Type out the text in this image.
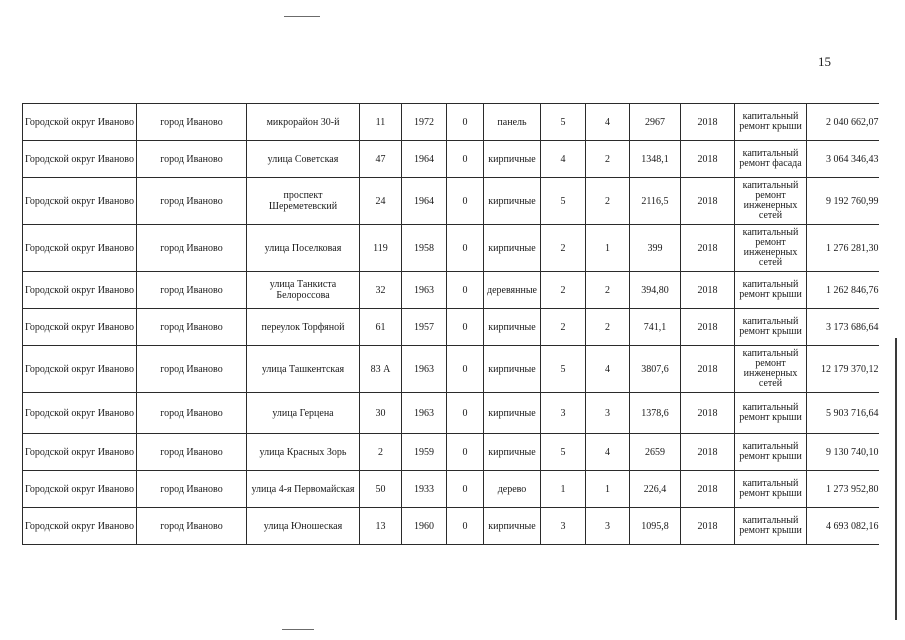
15
Городской округ Иваново	город Иваново	микрорайон 30-й	11	1972	0	панель	5	4	2967	2018	капитальный ремонт крыши	2 040 662,07
Городской округ Иваново	город Иваново	улица Советская	47	1964	0	кирпичные	4	2	1348,1	2018	капитальный ремонт фасада	3 064 346,43
Городской округ Иваново	город Иваново	проспект Шереметевский	24	1964	0	кирпичные	5	2	2116,5	2018	капитальный ремонт инженерных сетей	9 192 760,99
Городской округ Иваново	город Иваново	улица Поселковая	119	1958	0	кирпичные	2	1	399	2018	капитальный ремонт инженерных сетей	1 276 281,30
Городской округ Иваново	город Иваново	улица Танкиста Белороссова	32	1963	0	деревянные	2	2	394,80	2018	капитальный ремонт крыши	1 262 846,76
Городской округ Иваново	город Иваново	переулок Торфяной	61	1957	0	кирпичные	2	2	741,1	2018	капитальный ремонт крыши	3 173 686,64
Городской округ Иваново	город Иваново	улица Ташкентская	83 А	1963	0	кирпичные	5	4	3807,6	2018	капитальный ремонт инженерных сетей	12 179 370,12
Городской округ Иваново	город Иваново	улица Герцена	30	1963	0	кирпичные	3	3	1378,6	2018	капитальный ремонт крыши	5 903 716,64
Городской округ Иваново	город Иваново	улица Красных Зорь	2	1959	0	кирпичные	5	4	2659	2018	капитальный ремонт крыши	9 130 740,10
Городской округ Иваново	город Иваново	улица 4-я Первомайская	50	1933	0	дерево	1	1	226,4	2018	капитальный ремонт крыши	1 273 952,80
Городской округ Иваново	город Иваново	улица Юношеская	13	1960	0	кирпичные	3	3	1095,8	2018	капитальный ремонт крыши	4 693 082,16
